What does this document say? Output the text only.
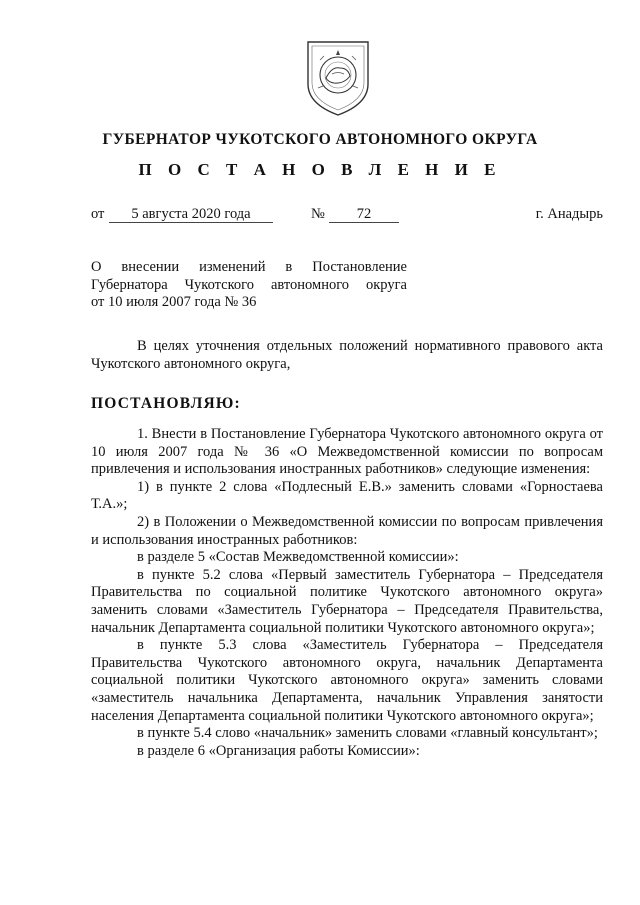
ГУБЕРНАТОР ЧУКОТСКОГО АВТОНОМНОГО ОКРУГА
П О С Т А Н О В Л Е Н И Е
от	5 августа 2020 года	№	72	г. Анадырь
О внесении изменений в Постановление
Губернатора Чукотского автономного округа
от 10 июля 2007 года № 36
В целях уточнения отдельных положений нормативного правового акта Чукотского автономного округа,
ПОСТАНОВЛЯЮ:

1. Внести в Постановление Губернатора Чукотского автономного округа от 10 июля 2007 года № 36 «О Межведомственной комиссии по вопросам привлечения и использования иностранных работников» следующие изменения:

1) в пункте 2 слова «Подлесный Е.В.» заменить словами «Горностаева Т.А.»;

2) в Положении о Межведомственной комиссии по вопросам привлечения и использования иностранных работников:

в разделе 5 «Состав Межведомственной комиссии»:

в пункте 5.2 слова «Первый заместитель Губернатора – Председателя Правительства по социальной политике Чукотского автономного округа» заменить словами «Заместитель Губернатора – Председателя Правительства, начальник Департамента социальной политики Чукотского автономного округа»;

в пункте 5.3 слова «Заместитель Губернатора – Председателя Правительства Чукотского автономного округа, начальник Департамента социальной политики Чукотского автономного округа» заменить словами «заместитель начальника Департамента, начальник Управления занятости населения Департамента социальной политики Чукотского автономного округа»;

в пункте 5.4 слово «начальник» заменить словами «главный консультант»;

в разделе 6 «Организация работы Комиссии»:
